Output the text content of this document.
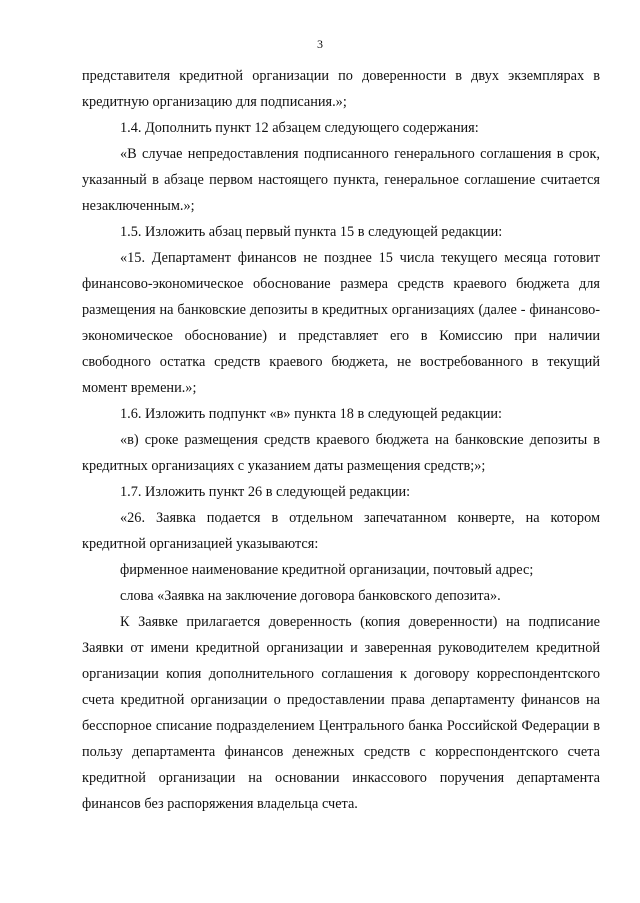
3

представителя кредитной организации по доверенности в двух экземплярах в кредитную организацию для подписания.»;

1.4. Дополнить пункт 12 абзацем следующего содержания:

«В случае непредоставления подписанного генерального соглашения в срок, указанный в абзаце первом настоящего пункта, генеральное соглашение считается незаключенным.»;

1.5. Изложить абзац первый пункта 15 в следующей редакции:

«15. Департамент финансов не позднее 15 числа текущего месяца готовит финансово-экономическое обоснование размера средств краевого бюджета для размещения на банковские депозиты в кредитных организациях (далее - финансово-экономическое обоснование) и представляет его в Комиссию при наличии свободного остатка средств краевого бюджета, не востребованного в текущий момент времени.»;

1.6. Изложить подпункт «в» пункта 18 в следующей редакции:

«в) сроке размещения средств краевого бюджета на банковские депозиты в кредитных организациях с указанием даты размещения средств;»;

1.7. Изложить пункт 26 в следующей редакции:

«26. Заявка подается в отдельном запечатанном конверте, на котором кредитной организацией указываются:

фирменное наименование кредитной организации, почтовый адрес;

слова «Заявка на заключение договора банковского депозита».

К Заявке прилагается доверенность (копия доверенности) на подписание Заявки от имени кредитной организации и заверенная руководителем кредитной организации копия дополнительного соглашения к договору корреспондентского счета кредитной организации о предоставлении права департаменту финансов на бесспорное списание подразделением Центрального банка Российской Федерации в пользу департамента финансов денежных средств с корреспондентского счета кредитной организации на основании инкассового поручения департамента финансов без распоряжения владельца счета.
